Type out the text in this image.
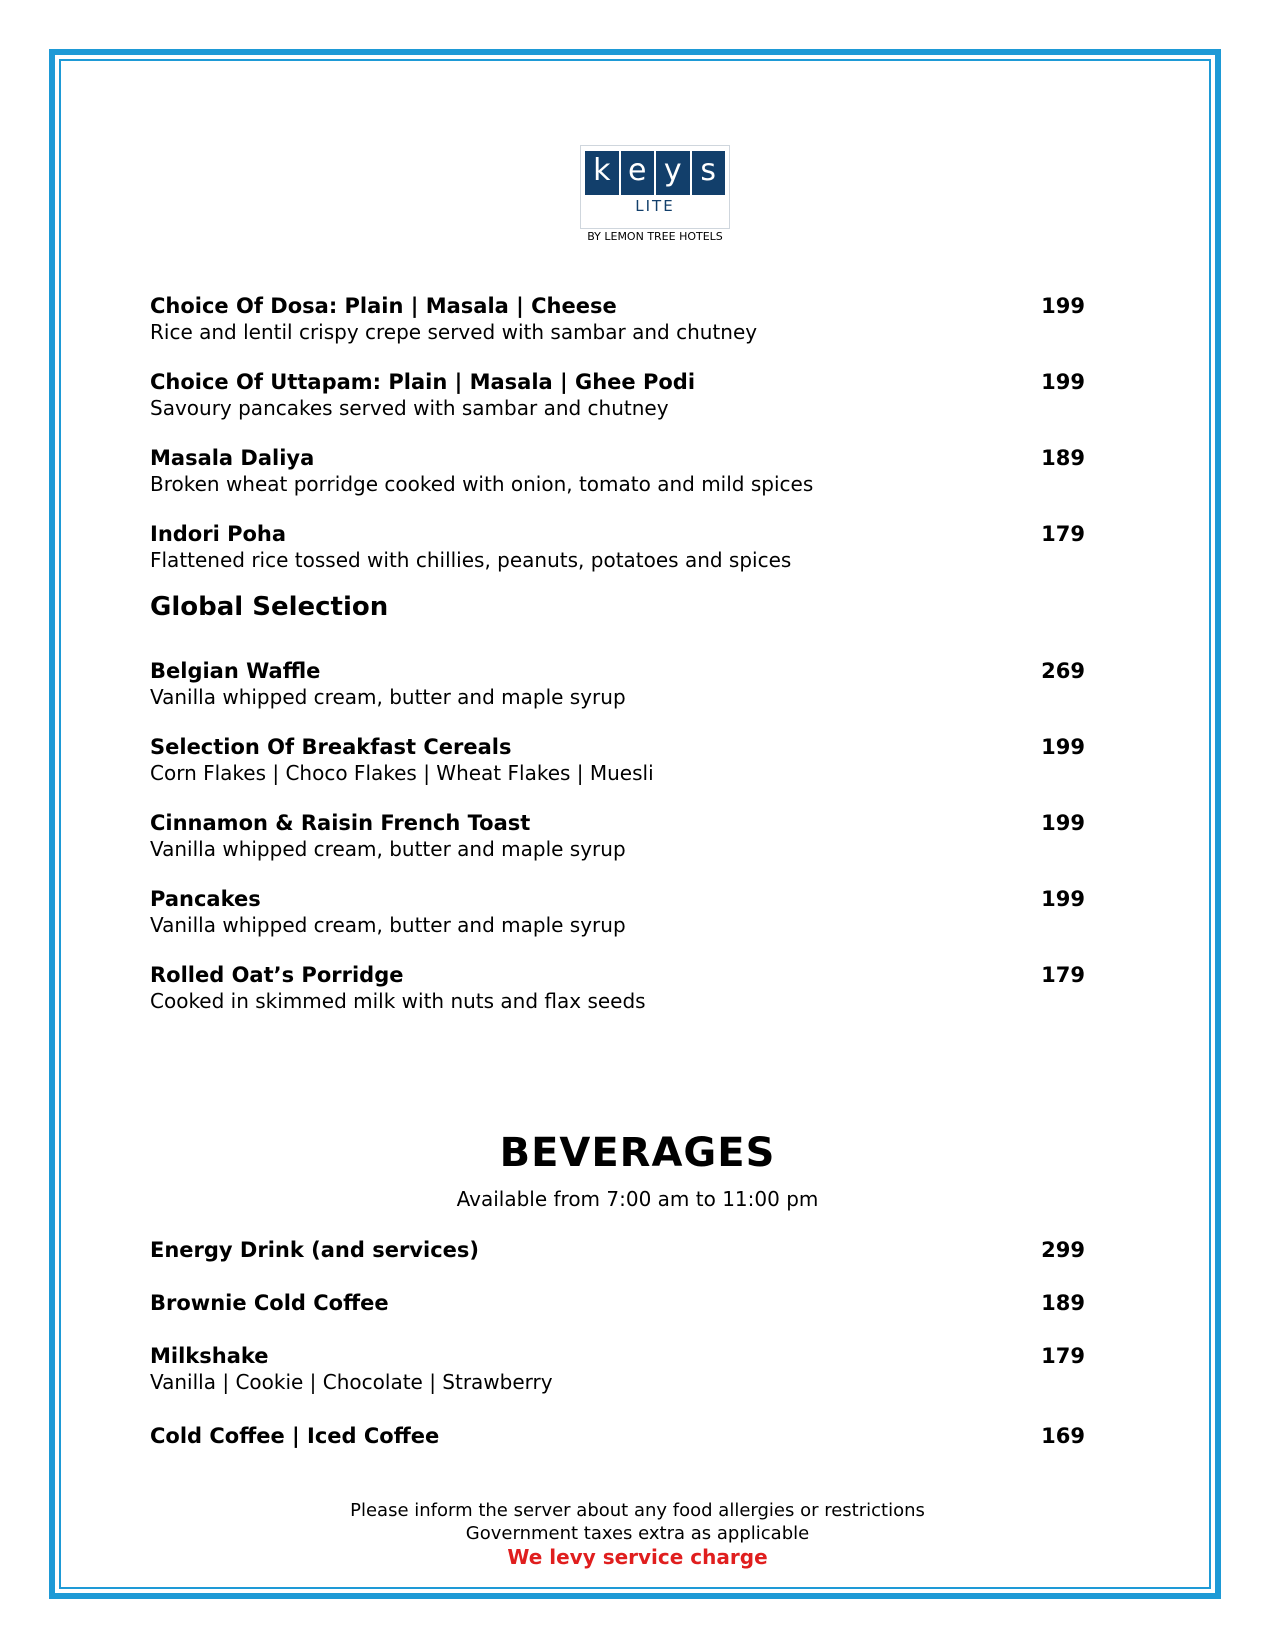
k e y s
LITE
BY LEMON TREE HOTELS
Choice Of Dosa: Plain | Masala | Cheese	199
Rice and lentil crispy crepe served with sambar and chutney
Choice Of Uttapam: Plain | Masala | Ghee Podi	199
Savoury pancakes served with sambar and chutney
Masala Daliya	189
Broken wheat porridge cooked with onion, tomato and mild spices
Indori Poha	179
Flattened rice tossed with chillies, peanuts, potatoes and spices
Global Selection
Belgian Waffle	269
Vanilla whipped cream, butter and maple syrup
Selection Of Breakfast Cereals	199
Corn Flakes | Choco Flakes | Wheat Flakes | Muesli
Cinnamon & Raisin French Toast	199
Vanilla whipped cream, butter and maple syrup
Pancakes	199
Vanilla whipped cream, butter and maple syrup
Rolled Oat’s Porridge	179
Cooked in skimmed milk with nuts and flax seeds
BEVERAGES
Available from 7:00 am to 11:00 pm
Energy Drink (and services)	299
Brownie Cold Coffee	189
Milkshake	179
Vanilla | Cookie | Chocolate | Strawberry
Cold Coffee | Iced Coffee	169
Please inform the server about any food allergies or restrictions
Government taxes extra as applicable
We levy service charge
